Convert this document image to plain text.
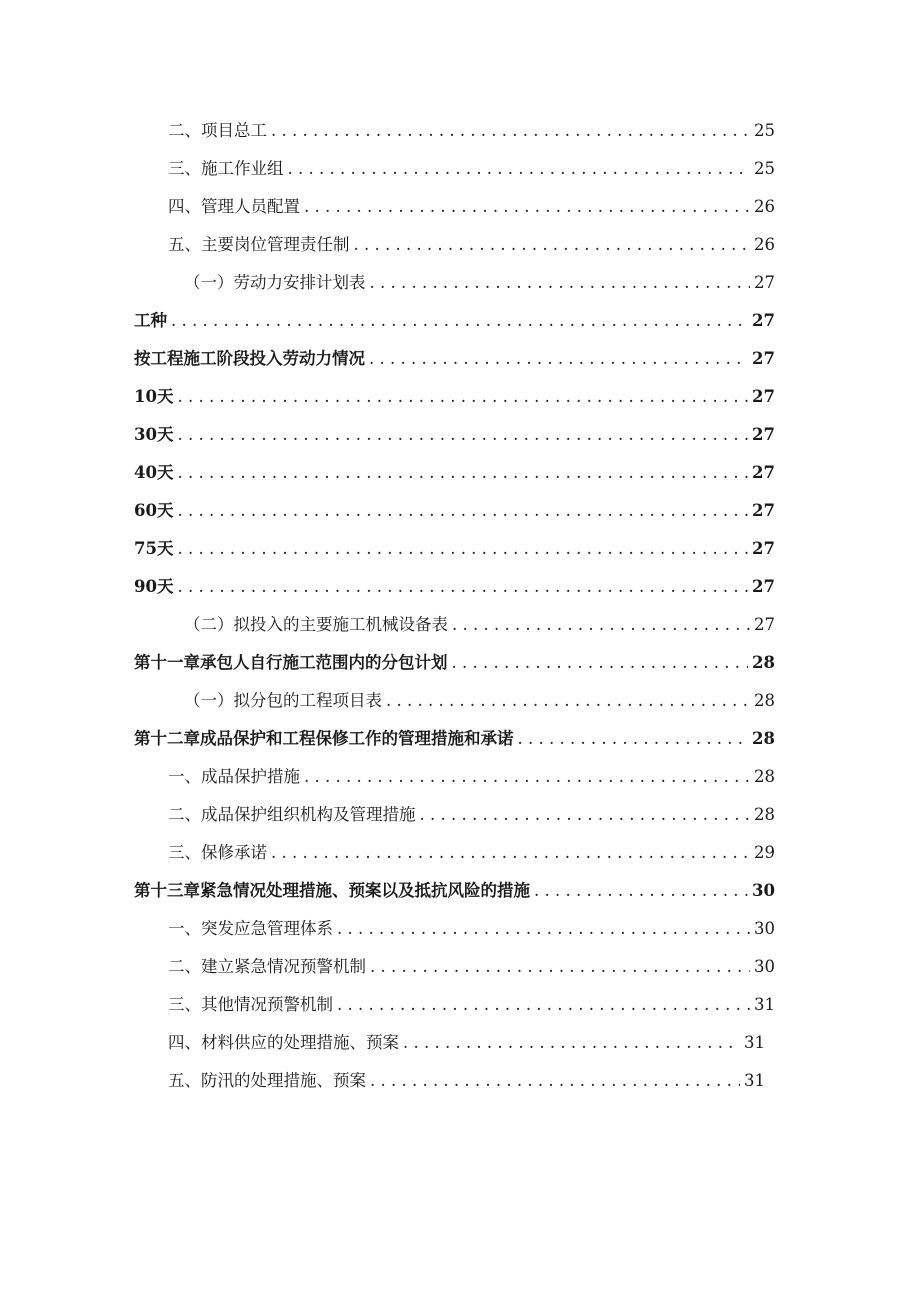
二、项目总工 . . .	25
三、施工作业组 . . .	25
四、管理人员配置 . . .	26
五、主要岗位管理责任制 . . .	26
（一）劳动力安排计划表 . . .	27
工种 . . .	27
按工程施工阶段投入劳动力情况 . . .	27
10天 . . .	27
30天 . . .	27
40天 . . .	27
60天 . . .	27
75天 . . .	27
90天 . . .	27
（二）拟投入的主要施工机械设备表 . . .	27
第十一章承包人自行施工范围内的分包计划 . . .	28
（一）拟分包的工程项目表 . . .	28
第十二章成品保护和工程保修工作的管理措施和承诺 . . .	28
一、成品保护措施 . . .	28
二、成品保护组织机构及管理措施 . . .	28
三、保修承诺 . . .	29
第十三章紧急情况处理措施、预案以及抵抗风险的措施 . . .	30
一、突发应急管理体系 . . .	30
二、建立紧急情况预警机制 . . .	30
三、其他情况预警机制 . . .	31
四、材料供应的处理措施、预案 . . .	31
五、防汛的处理措施、预案 . . .	31
